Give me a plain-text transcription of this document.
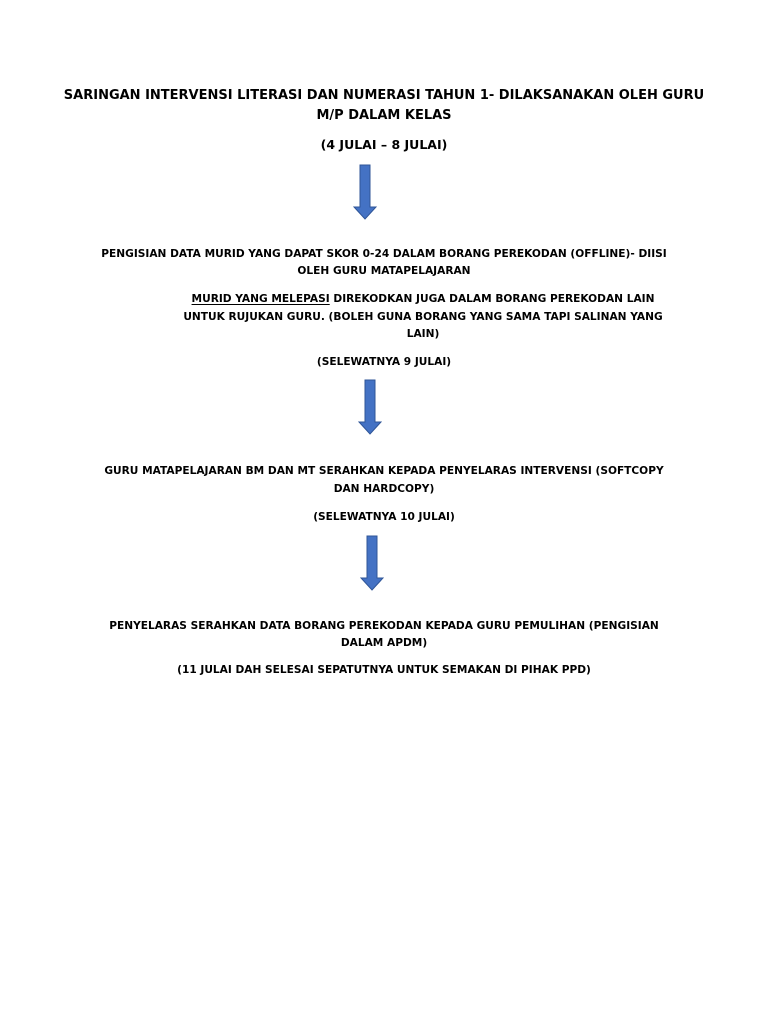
SARINGAN INTERVENSI LITERASI DAN NUMERASI TAHUN 1- DILAKSANAKAN OLEH GURU
M/P DALAM KELAS
(4 JULAI – 8 JULAI)
PENGISIAN DATA MURID YANG DAPAT SKOR 0-24 DALAM BORANG PEREKODAN (OFFLINE)- DIISI
OLEH GURU MATAPELAJARAN
MURID YANG MELEPASI DIREKODKAN JUGA DALAM BORANG PEREKODAN LAIN
UNTUK RUJUKAN GURU. (BOLEH GUNA BORANG YANG SAMA TAPI SALINAN YANG
LAIN)
(SELEWATNYA 9 JULAI)
GURU MATAPELAJARAN BM DAN MT SERAHKAN KEPADA PENYELARAS INTERVENSI (SOFTCOPY
DAN HARDCOPY)
(SELEWATNYA 10 JULAI)
PENYELARAS SERAHKAN DATA BORANG PEREKODAN KEPADA GURU PEMULIHAN (PENGISIAN
DALAM APDM)
(11 JULAI DAH SELESAI SEPATUTNYA UNTUK SEMAKAN DI PIHAK PPD)
